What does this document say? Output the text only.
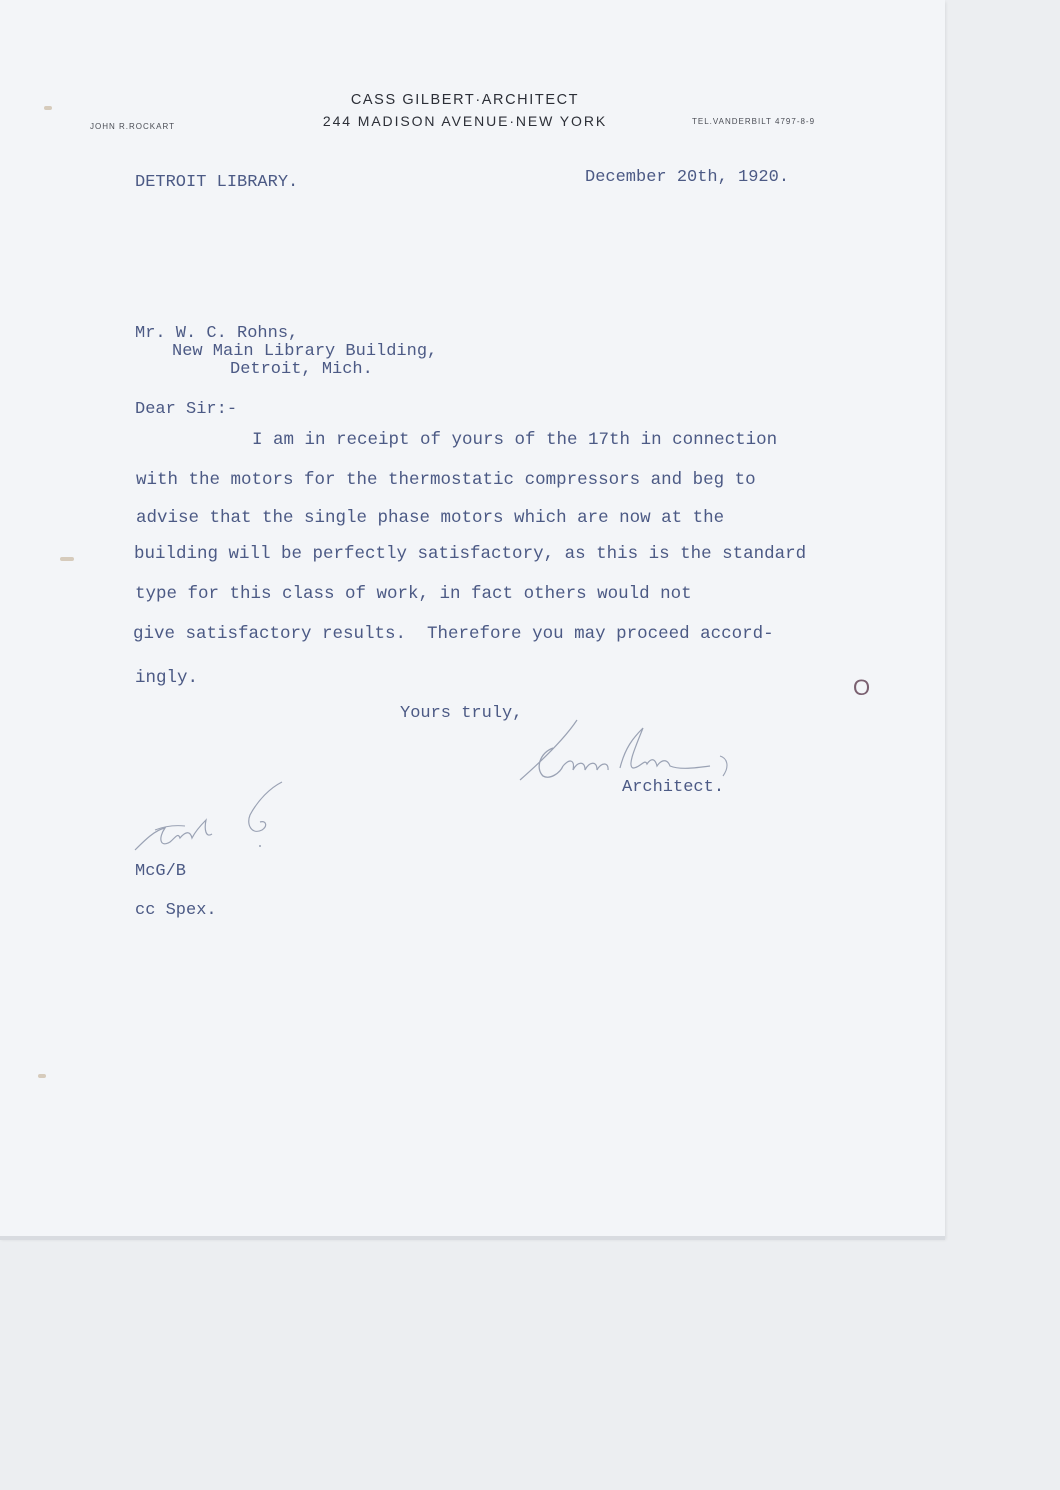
CASS GILBERT·ARCHITECT
244 MADISON AVENUE·NEW YORK
JOHN R.ROCKART
TEL.VANDERBILT 4797-8-9
DETROIT LIBRARY.	December 20th, 1920.
Mr. W. C. Rohns,
New Main Library Building,
Detroit, Mich.
Dear Sir:-
I am in receipt of yours of the 17th in connection
with the motors for the thermostatic compressors and beg to
advise that the single phase motors which are now at the
building will be perfectly satisfactory, as this is the standard
type for this class of work, in fact others would not
give satisfactory results.  Therefore you may proceed accord-
ingly.	O
Yours truly,
Architect.
McG/B
cc Spex.
